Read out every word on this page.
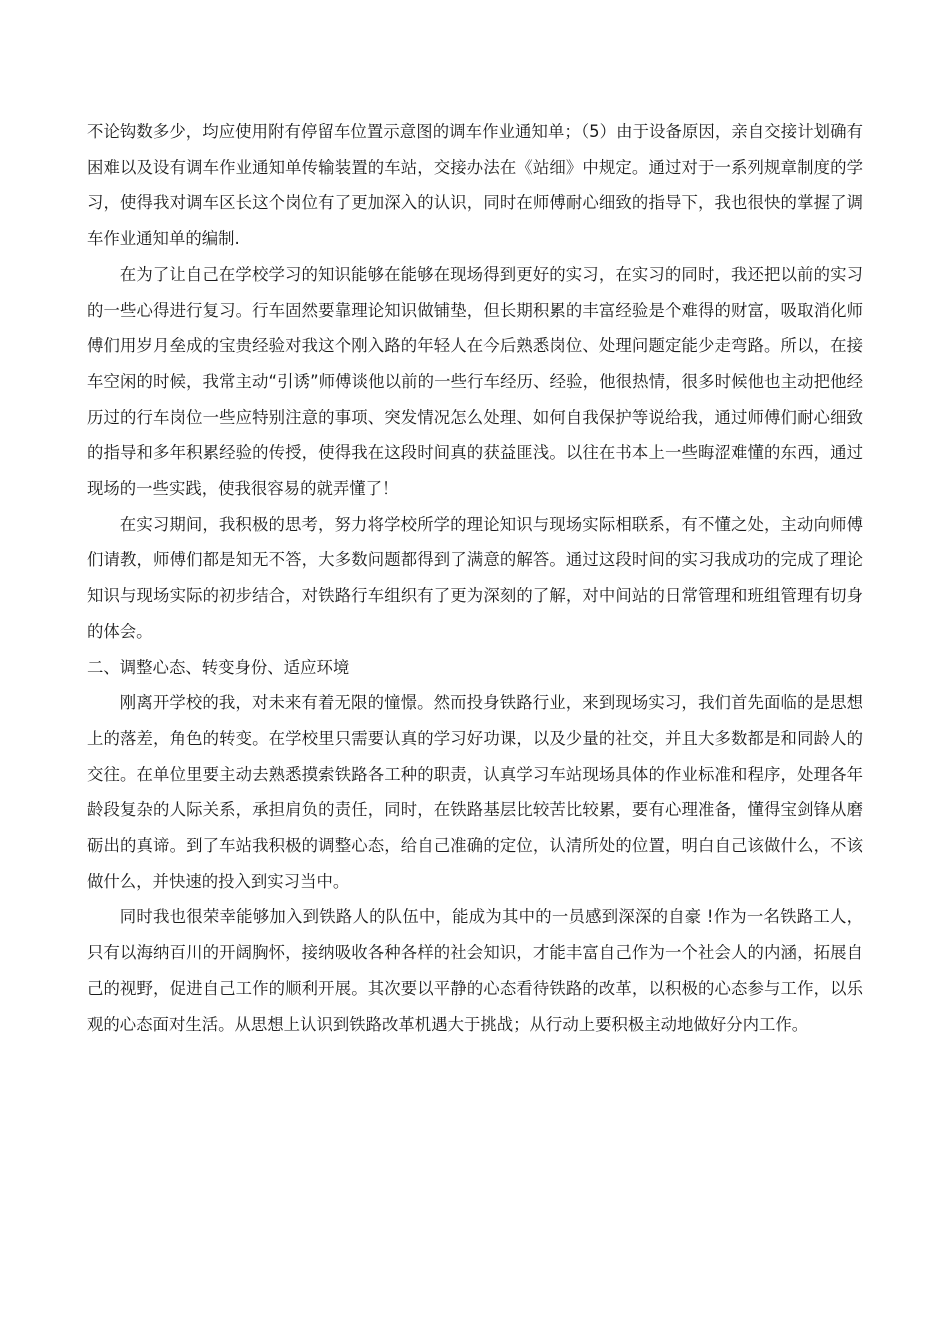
不论钩数多少，均应使用附有停留车位置示意图的调车作业通知单；（5）由于设备原因，亲自交接计划确有困难以及设有调车作业通知单传输装置的车站，交接办法在《站细》中规定。通过对于一系列规章制度的学习，使得我对调车区长这个岗位有了更加深入的认识，同时在师傅耐心细致的指导下，我也很快的掌握了调车作业通知单的编制.

在为了让自己在学校学习的知识能够在能够在现场得到更好的实习，在实习的同时，我还把以前的实习的一些心得进行复习。行车固然要靠理论知识做铺垫，但长期积累的丰富经验是个难得的财富，吸取消化师傅们用岁月垒成的宝贵经验对我这个刚入路的年轻人在今后熟悉岗位、处理问题定能少走弯路。所以，在接车空闲的时候，我常主动“引诱”师傅谈他以前的一些行车经历、经验，他很热情，很多时候他也主动把他经历过的行车岗位一些应特别注意的事项、突发情况怎么处理、如何自我保护等说给我，通过师傅们耐心细致的指导和多年积累经验的传授，使得我在这段时间真的获益匪浅。以往在书本上一些晦涩难懂的东西，通过现场的一些实践，使我很容易的就弄懂了！

在实习期间，我积极的思考，努力将学校所学的理论知识与现场实际相联系，有不懂之处，主动向师傅们请教，师傅们都是知无不答，大多数问题都得到了满意的解答。通过这段时间的实习我成功的完成了理论知识与现场实际的初步结合，对铁路行车组织有了更为深刻的了解，对中间站的日常管理和班组管理有切身的体会。

二、调整心态、转变身份、适应环境

刚离开学校的我，对未来有着无限的憧憬。然而投身铁路行业，来到现场实习，我们首先面临的是思想上的落差，角色的转变。在学校里只需要认真的学习好功课，以及少量的社交，并且大多数都是和同龄人的交往。在单位里要主动去熟悉摸索铁路各工种的职责，认真学习车站现场具体的作业标准和程序，处理各年龄段复杂的人际关系，承担肩负的责任，同时，在铁路基层比较苦比较累，要有心理准备，懂得宝剑锋从磨砺出的真谛。到了车站我积极的调整心态，给自己准确的定位，认清所处的位置，明白自己该做什么，不该做什么，并快速的投入到实习当中。

同时我也很荣幸能够加入到铁路人的队伍中，能成为其中的一员感到深深的自豪 !作为一名铁路工人，只有以海纳百川的开阔胸怀，接纳吸收各种各样的社会知识，才能丰富自己作为一个社会人的内涵，拓展自己的视野，促进自己工作的顺利开展。其次要以平静的心态看待铁路的改革，以积极的心态参与工作，以乐观的心态面对生活。从思想上认识到铁路改革机遇大于挑战；从行动上要积极主动地做好分内工作。
